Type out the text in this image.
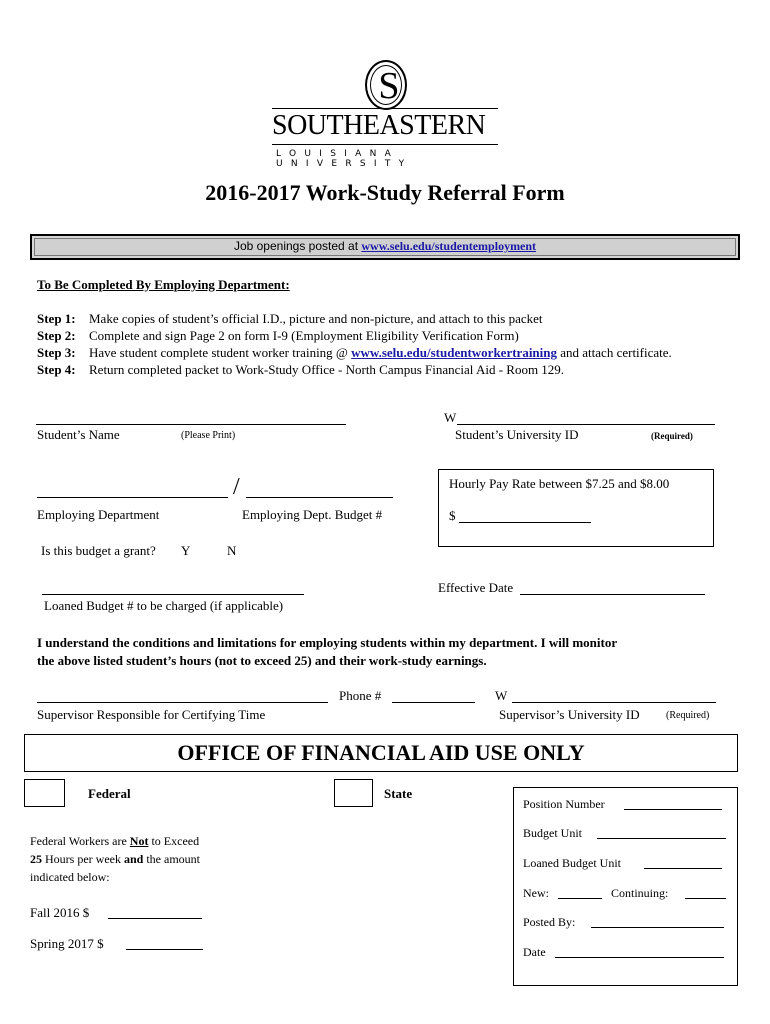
S
SOUTHEASTERN
LOUISIANA UNIVERSITY
2016-2017 Work-Study Referral Form
Job openings posted at www.selu.edu/studentemployment
To Be Completed By Employing Department:
Step 1: Make copies of student’s official I.D., picture and non-picture, and attach to this packet
Step 2: Complete and sign Page 2 on form I-9 (Employment Eligibility Verification Form)
Step 3: Have student complete student worker training @ www.selu.edu/studentworkertraining and attach certificate.
Step 4: Return completed packet to Work-Study Office - North Campus Financial Aid - Room 129.
Student’s Name	(Please Print)
W
Student’s University ID	(Required)
/
Employing Department	Employing Dept. Budget #
Hourly Pay Rate between $7.25 and $8.00
$
Is this budget a grant? Y	N
Loaned Budget # to be charged (if applicable)
Effective Date
I understand the conditions and limitations for employing students within my department. I will monitor
the above listed student’s hours (not to exceed 25) and their work-study earnings.
Phone #	W
Supervisor Responsible for Certifying Time	Supervisor’s University ID	(Required)
OFFICE OF FINANCIAL AID USE ONLY
Federal	State
Federal Workers are Not to Exceed
25 Hours per week and the amount
indicated below:
Fall 2016 $
Spring 2017 $
Position Number
Budget Unit
Loaned Budget Unit
New:	Continuing:
Posted By:
Date
